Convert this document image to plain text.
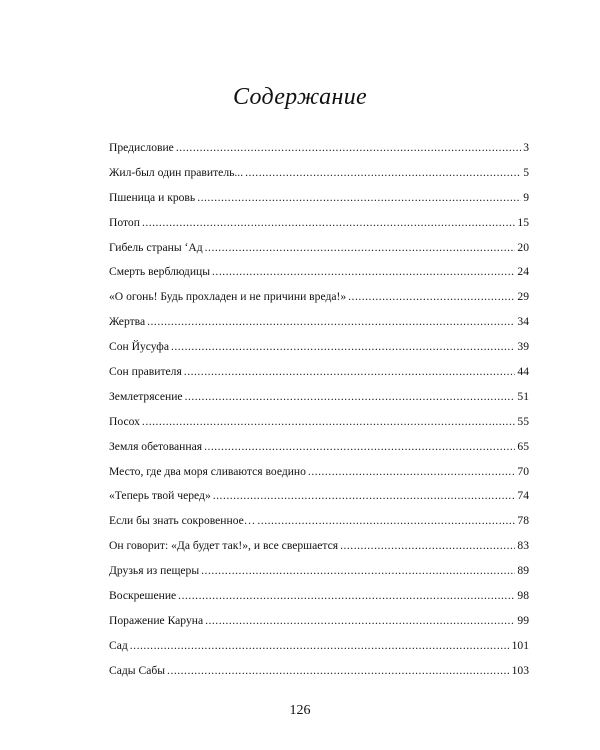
Содержание
Предисловие .....	3
Жил-был один правитель... .....	5
Пшеница и кровь .....	9
Потоп .....	15
Гибель страны ‘Ад .....	20
Смерть верблюдицы .....	24
«О огонь! Будь прохладен и не причини вреда!» .....	29
Жертва .....	34
Сон Йусуфа .....	39
Сон правителя .....	44
Землетрясение .....	51
Посох .....	55
Земля обетованная .....	65
Место, где два моря сливаются воедино .....	70
«Теперь твой черед» .....	74
Если бы знать сокровенное… .....	78
Он говорит: «Да будет так!», и все свершается .....	83
Друзья из пещеры .....	89
Воскрешение .....	98
Поражение Каруна .....	99
Сад .....	101
Сады Сабы .....	103
126
